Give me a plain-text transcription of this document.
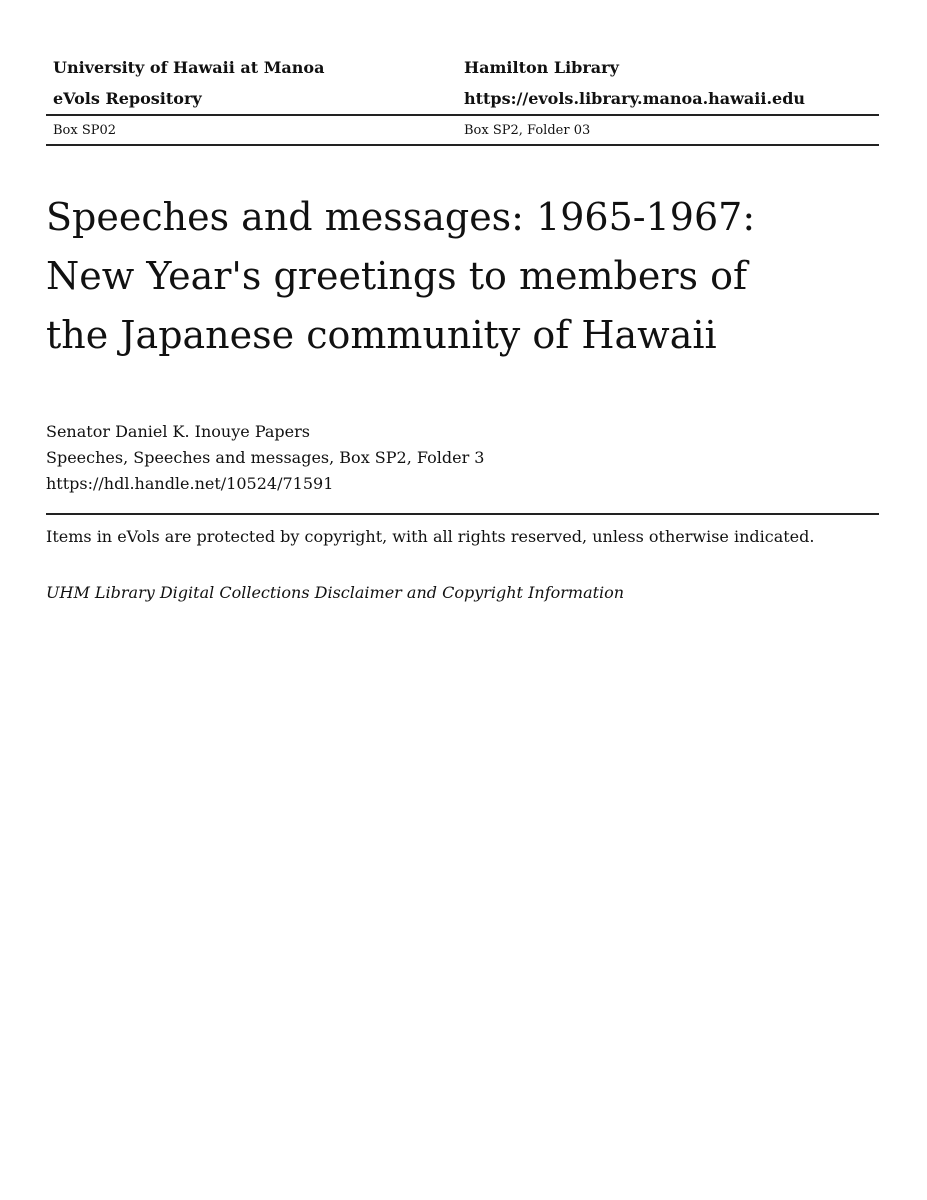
University of Hawaii at Manoa	Hamilton Library
eVols Repository	https://evols.library.manoa.hawaii.edu
Box SP02	Box SP2, Folder 03
Speeches and messages: 1965-1967: New Year's greetings to members of the Japanese community of Hawaii
Senator Daniel K. Inouye Papers
Speeches, Speeches and messages, Box SP2, Folder 3
https://hdl.handle.net/10524/71591
Items in eVols are protected by copyright, with all rights reserved, unless otherwise indicated.
UHM Library Digital Collections Disclaimer and Copyright Information
